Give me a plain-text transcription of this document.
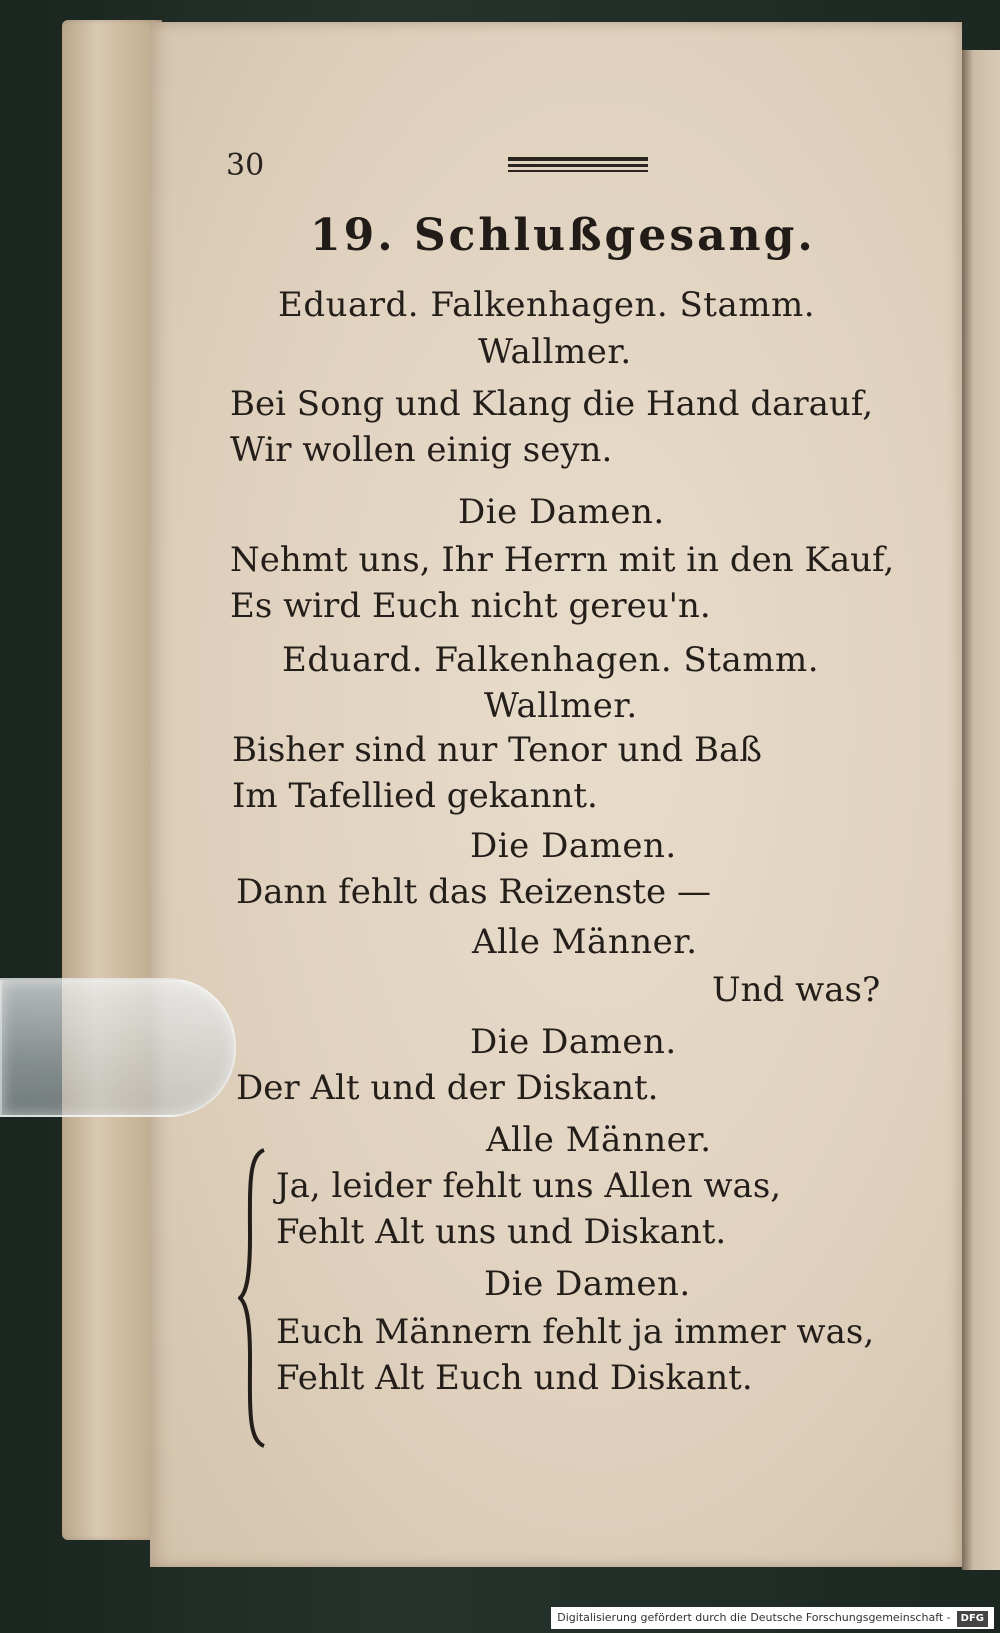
30
19. Schlußgesang.
Eduard. Falkenhagen. Stamm.
Wallmer.
Bei Song und Klang die Hand darauf,
Wir wollen einig seyn.
Die Damen.
Nehmt uns, Ihr Herrn mit in den Kauf,
Es wird Euch nicht gereu'n.
Eduard. Falkenhagen. Stamm.
Wallmer.
Bisher sind nur Tenor und Baß
Im Tafellied gekannt.
Die Damen.
Dann fehlt das Reizenste —
Alle Männer.
Und was?
Die Damen.
Der Alt und der Diskant.
Alle Männer.
Ja, leider fehlt uns Allen was,
Fehlt Alt uns und Diskant.
Die Damen.
Euch Männern fehlt ja immer was,
Fehlt Alt Euch und Diskant.
Digitalisierung gefördert durch die Deutsche Forschungsgemeinschaft - DFG
